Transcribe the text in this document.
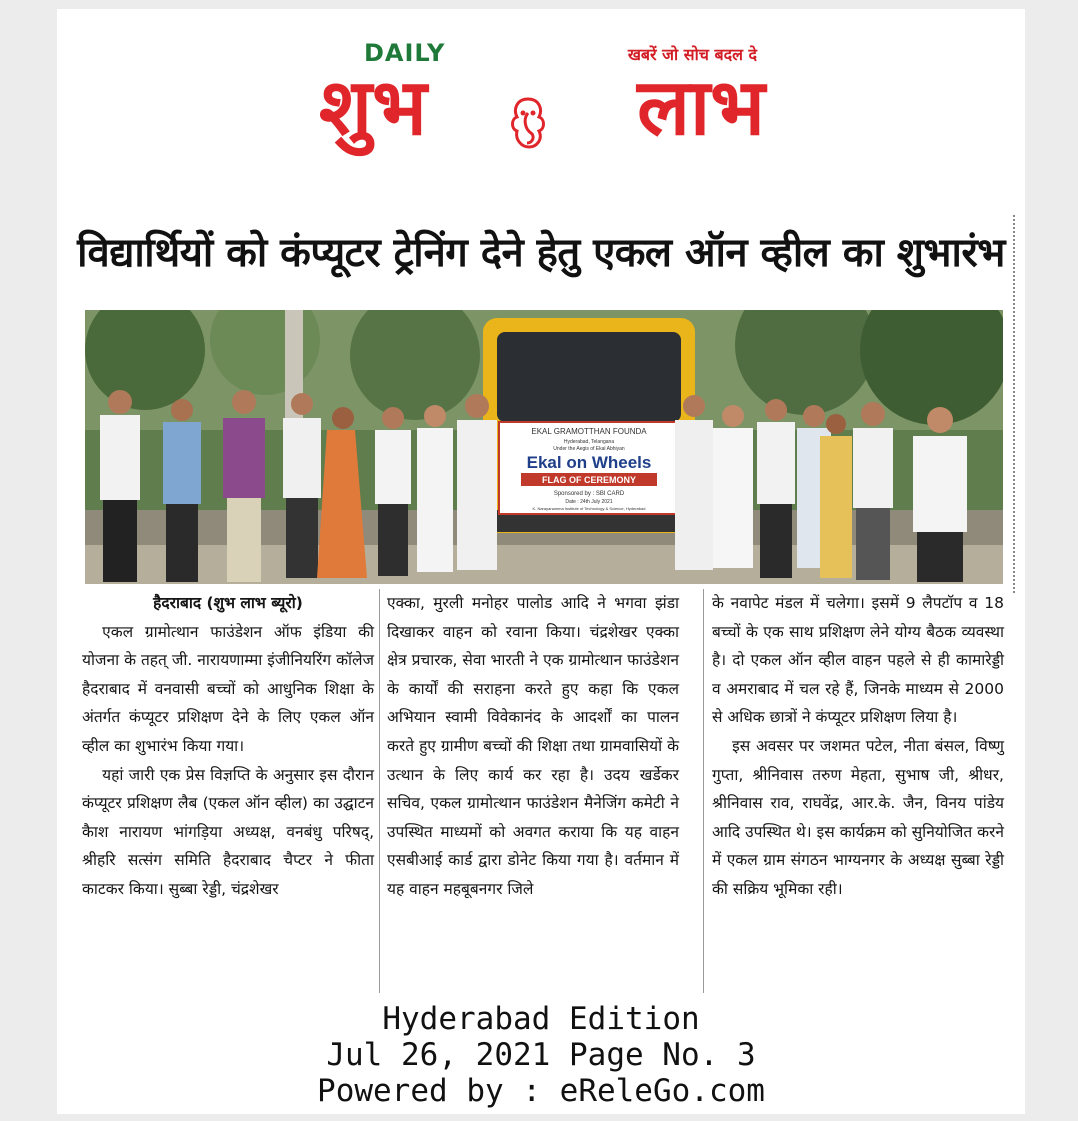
DAILY	खबरें जो सोच बदल दे
शुभ	लाभ
विद्यार्थियों को कंप्यूटर ट्रेनिंग देने हेतु एकल ऑन व्हील का शुभारंभ
EKAL GRAMOTTHAN FOUNDA
Hyderabad, Telangana
Under the Aegis of Ekal Abhiyan
Ekal on Wheels
FLAG OF CEREMONY
Sponsored by : SBI CARD
Date : 24th July 2021
K. Narayanamma Institute of Technology & Science, Hyderabad
हैदराबाद (शुभ लाभ ब्यूरो)

एकल ग्रामोत्थान फाउंडेशन ऑफ इंडिया की योजना के तहत् जी. नारायणाम्मा इंजीनियरिंग कॉलेज हैदराबाद में वनवासी बच्चों को आधुनिक शिक्षा के अंतर्गत कंप्यूटर प्रशिक्षण देने के लिए एकल ऑन व्हील का शुभारंभ किया गया।

यहां जारी एक प्रेस विज्ञप्ति के अनुसार इस दौरान कंप्यूटर प्रशिक्षण लैब (एकल ऑन व्हील) का उद्घाटन कैाश नारायण भांगड़िया अध्यक्ष, वनबंधु परिषद्, श्रीहरि सत्संग समिति हैदराबाद चैप्टर ने फीता काटकर किया। सुब्बा रेड्डी, चंद्रशेखर

एक्का, मुरली मनोहर पालोड आदि ने भगवा झंडा दिखाकर वाहन को रवाना किया। चंद्रशेखर एक्का क्षेत्र प्रचारक, सेवा भारती ने एक ग्रामोत्थान फाउंडेशन के कार्यों की सराहना करते हुए कहा कि एकल अभियान स्वामी विवेकानंद के आदर्शों का पालन करते हुए ग्रामीण बच्चों की शिक्षा तथा ग्रामवासियों के उत्थान के लिए कार्य कर रहा है। उदय खर्डेकर सचिव, एकल ग्रामोत्थान फाउंडेशन मैनेजिंग कमेटी ने उपस्थित माध्यमों को अवगत कराया कि यह वाहन एसबीआई कार्ड द्वारा डोनेट किया गया है। वर्तमान में यह वाहन महबूबनगर जिले

के नवापेट मंडल में चलेगा। इसमें 9 लैपटॉप व 18 बच्चों के एक साथ प्रशिक्षण लेने योग्य बैठक व्यवस्था है। दो एकल ऑन व्हील वाहन पहले से ही कामारेड्डी व अमराबाद में चल रहे हैं, जिनके माध्यम से 2000 से अधिक छात्रों ने कंप्यूटर प्रशिक्षण लिया है।

इस अवसर पर जशमत पटेल, नीता बंसल, विष्णु गुप्ता, श्रीनिवास तरुण मेहता, सुभाष जी, श्रीधर, श्रीनिवास राव, राघवेंद्र, आर.के. जैन, विनय पांडेय आदि उपस्थित थे। इस कार्यक्रम को सुनियोजित करने में एकल ग्राम संगठन भाग्यनगर के अध्यक्ष सुब्बा रेड्डी की सक्रिय भूमिका रही।

Hyderabad Edition
Jul 26, 2021 Page No. 3
Powered by : eReleGo.com
